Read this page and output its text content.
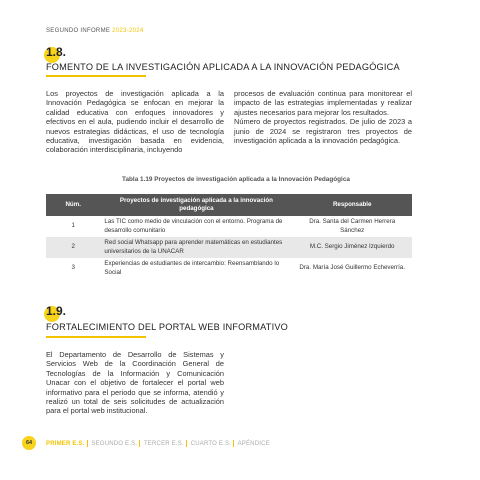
SEGUNDO INFORME 2023-2024
1.8.
FOMENTO DE LA INVESTIGACIÓN APLICADA A LA INNOVACIÓN PEDAGÓGICA
Los proyectos de investigación aplicada a la Innovación Pedagógica se enfocan en mejorar la calidad educativa con enfoques innovadores y efectivos en el aula, pudiendo incluir el desarrollo de nuevos estrategias didácticas, el uso de tecnología educativa, investigación basada en evidencia, colaboración interdisciplinaria, incluyendo
procesos de evaluación continua para monitorear el impacto de las estrategias implementadas y realizar ajustes necesarios para mejorar los resultados.
Número de proyectos registrados. De julio de 2023 a junio de 2024 se registraron tres proyectos de investigación aplicada a la innovación pedagógica.
Tabla 1.19 Proyectos de investigación aplicada a la Innovación Pedagógica
Núm.	Proyectos de investigación aplicada a la innovación pedagógica	Responsable
1	Las TIC como medio de vinculación con el entorno. Programa de desarrollo comunitario	Dra. Santa del Carmen Herrera Sánchez
2	Red social Whatsapp para aprender matemáticas en estudiantes universitarios de la UNACAR	M.C. Sergio Jiménez Izquierdo
3	Experiencias de estudiantes de intercambio: Reensamblando lo Social	Dra. María José Guillermo Echeverría.
1.9.
FORTALECIMIENTO DEL PORTAL WEB INFORMATIVO
El Departamento de Desarrollo de Sistemas y Servicios Web de la Coordinación General de Tecnologías de la Información y Comunicación Unacar con el objetivo de fortalecer el portal web informativo para el periodo que se informa, atendió y realizó un total de seis solicitudes de actualización para el portal web institucional.
64	PRIMER E.S. SEGUNDO E.S. TERCER E.S. CUARTO E.S. APÉNDICE
